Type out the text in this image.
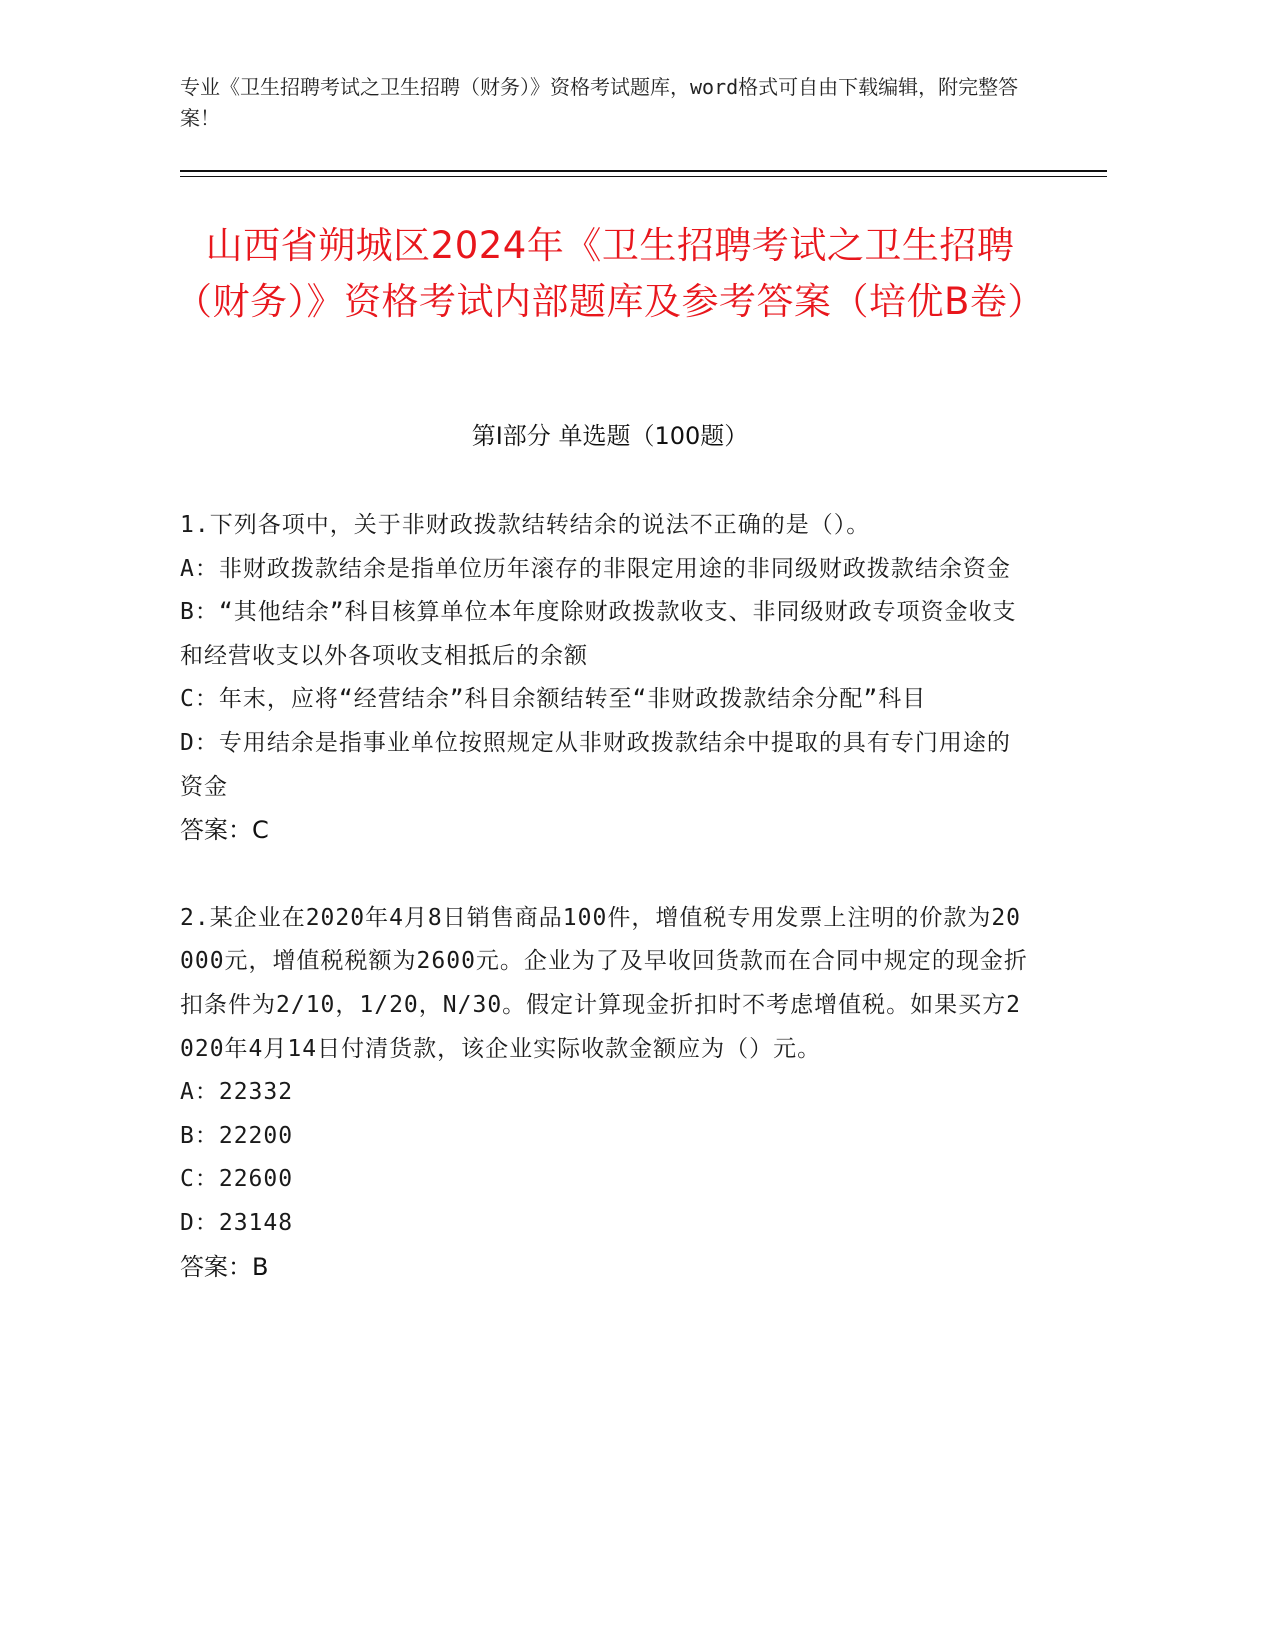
专业《卫生招聘考试之卫生招聘（财务）》资格考试题库，word格式可自由下载编辑，附完整答案！
山西省朔城区2024年《卫生招聘考试之卫生招聘（财务）》资格考试内部题库及参考答案（培优B卷）
第I部分 单选题（100题）
1.下列各项中，关于非财政拨款结转结余的说法不正确的是（）。
A：非财政拨款结余是指单位历年滚存的非限定用途的非同级财政拨款结余资金
B：“其他结余”科目核算单位本年度除财政拨款收支、非同级财政专项资金收支和经营收支以外各项收支相抵后的余额
C：年末，应将“经营结余”科目余额结转至“非财政拨款结余分配”科目
D：专用结余是指事业单位按照规定从非财政拨款结余中提取的具有专门用途的资金
答案：C
2.某企业在2020年4月8日销售商品100件，增值税专用发票上注明的价款为20000元，增值税税额为2600元。企业为了及早收回货款而在合同中规定的现金折扣条件为2/10，1/20，N/30。假定计算现金折扣时不考虑增值税。如果买方2020年4月14日付清货款，该企业实际收款金额应为（）元。
A：22332
B：22200
C：22600
D：23148
答案：B
